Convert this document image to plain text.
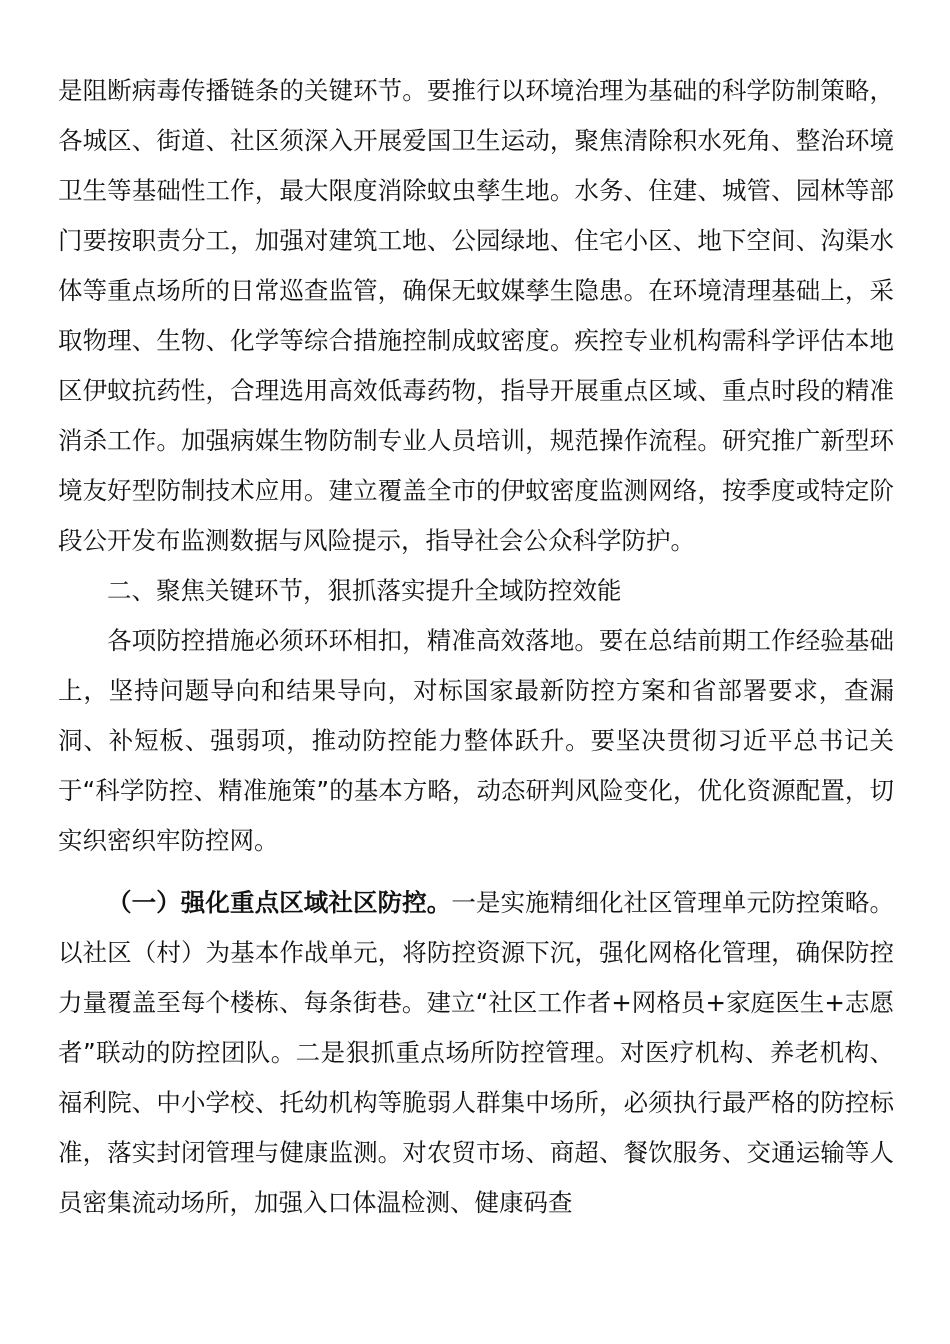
是阻断病毒传播链条的关键环节。要推行以环境治理为基础的科学防制策略，各城区、街道、社区须深入开展爱国卫生运动，聚焦清除积水死角、整治环境卫生等基础性工作，最大限度消除蚊虫孳生地。水务、住建、城管、园林等部门要按职责分工，加强对建筑工地、公园绿地、住宅小区、地下空间、沟渠水体等重点场所的日常巡查监管，确保无蚊媒孳生隐患。在环境清理基础上，采取物理、生物、化学等综合措施控制成蚊密度。疾控专业机构需科学评估本地区伊蚊抗药性，合理选用高效低毒药物，指导开展重点区域、重点时段的精准消杀工作。加强病媒生物防制专业人员培训，规范操作流程。研究推广新型环境友好型防制技术应用。建立覆盖全市的伊蚊密度监测网络，按季度或特定阶段公开发布监测数据与风险提示，指导社会公众科学防护。

二、聚焦关键环节，狠抓落实提升全域防控效能

各项防控措施必须环环相扣，精准高效落地。要在总结前期工作经验基础上，坚持问题导向和结果导向，对标国家最新防控方案和省部署要求，查漏洞、补短板、强弱项，推动防控能力整体跃升。要坚决贯彻习近平总书记关于“科学防控、精准施策”的基本方略，动态研判风险变化，优化资源配置，切实织密织牢防控网。

（一）强化重点区域社区防控。一是实施精细化社区管理单元防控策略。以社区（村）为基本作战单元，将防控资源下沉，强化网格化管理，确保防控力量覆盖至每个楼栋、每条街巷。建立“社区工作者+网格员+家庭医生+志愿者”联动的防控团队。二是狠抓重点场所防控管理。对医疗机构、养老机构、福利院、中小学校、托幼机构等脆弱人群集中场所，必须执行最严格的防控标准，落实封闭管理与健康监测。对农贸市场、商超、餐饮服务、交通运输等人员密集流动场所，加强入口体温检测、健康码查
